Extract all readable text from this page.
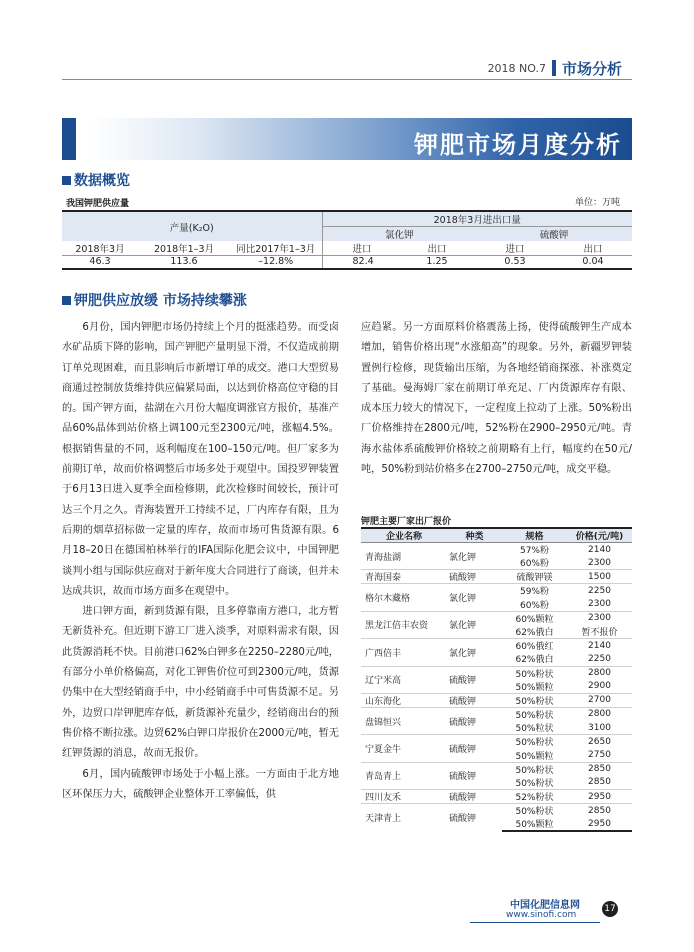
2018 NO.7 市场分析
钾肥市场月度分析
数据概览
我国钾肥供应量	单位：万吨
产量(K₂O)			2018年3月进出口量			
			氯化钾		硫酸钾	
2018年3月	2018年1–3月	同比2017年1–3月	进口	出口	进口	出口
46.3	113.6	–12.8%	82.4	1.25	0.53	0.04
钾肥供应放缓 市场持续攀涨

6月份，国内钾肥市场仍持续上个月的挺涨趋势。而受卤水矿品质下降的影响，国产钾肥产量明显下滑，不仅造成前期订单兑现困难，而且影响后市新增订单的成交。港口大型贸易商通过控制放货维持供应偏紧局面，以达到价格高位守稳的目的。国产钾方面，盐湖在六月份大幅度调涨官方报价，基准产品60%晶体到站价格上调100元至2300元/吨，涨幅4.5%。根据销售量的不同，返利幅度在100–150元/吨。但厂家多为前期订单，故而价格调整后市场多处于观望中。国投罗钾装置于6月13日进入夏季全面检修期，此次检修时间较长，预计可达三个月之久。青海装置开工持续不足，厂内库存有限，且为后期的烟草招标做一定量的库存，故而市场可售货源有限。6月18–20日在德国柏林举行的IFA国际化肥会议中，中国钾肥谈判小组与国际供应商对于新年度大合同进行了商谈，但并未达成共识，故而市场方面多在观望中。

进口钾方面，新到货源有限，且多停靠南方港口，北方暂无新货补充。但近期下游工厂进入淡季，对原料需求有限，因此货源消耗不快。目前港口62%白钾多在2250–2280元/吨，有部分小单价格偏高，对化工钾售价位可到2300元/吨，货源仍集中在大型经销商手中，中小经销商手中可售货源不足。另外，边贸口岸钾肥库存低，新货源补充量少，经销商出台的预售价格不断拉涨。边贸62%白钾口岸报价在2000元/吨，暂无红钾货源的消息，故而无报价。

6月，国内硫酸钾市场处于小幅上涨。一方面由于北方地区环保压力大，硫酸钾企业整体开工率偏低，供

应趋紧。另一方面原料价格震荡上扬，使得硫酸钾生产成本增加，销售价格出现“水涨船高”的现象。另外，新疆罗钾装置例行检修，现货输出压缩，为各地经销商探涨、补涨奠定了基础。曼海姆厂家在前期订单充足、厂内货源库存有限、成本压力较大的情况下，一定程度上拉动了上涨。50%粉出厂价格维持在2800元/吨，52%粉在2900–2950元/吨。青海水盐体系硫酸钾价格较之前期略有上行，幅度约在50元/吨，50%粉到站价格多在2700–2750元/吨，成交平稳。

钾肥主要厂家出厂报价
企业名称	种类	规格	价格(元/吨)
青海盐湖	氯化钾	57%粉	2140
		60%粉	2300
青海国泰	硫酸钾	硫酸钾镁	1500
格尔木藏格	氯化钾	59%粉	2250
		60%粉	2300
黑龙江倍丰农资	氯化钾	60%颗粒	2300
		62%俄白	暂不报价
广西倍丰	氯化钾	60%俄红	2140
		62%俄白	2250
辽宁米高	硫酸钾	50%粉状	2800
		50%颗粒	2900
山东海化	硫酸钾	50%粉状	2700
盘锦恒兴	硫酸钾	50%粉状	2800
		50%粒状	3100
宁夏金牛	硫酸钾	50%粉状	2650
		50%颗粒	2750
青岛青上	硫酸钾	50%粉状	2850
		50%粉状	2850
四川友禾	硫酸钾	52%粉状	2950
天津青上	硫酸钾	50%粉状	2850
		50%颗粒	2950
中国化肥信息网
www.sinofi.com
17
